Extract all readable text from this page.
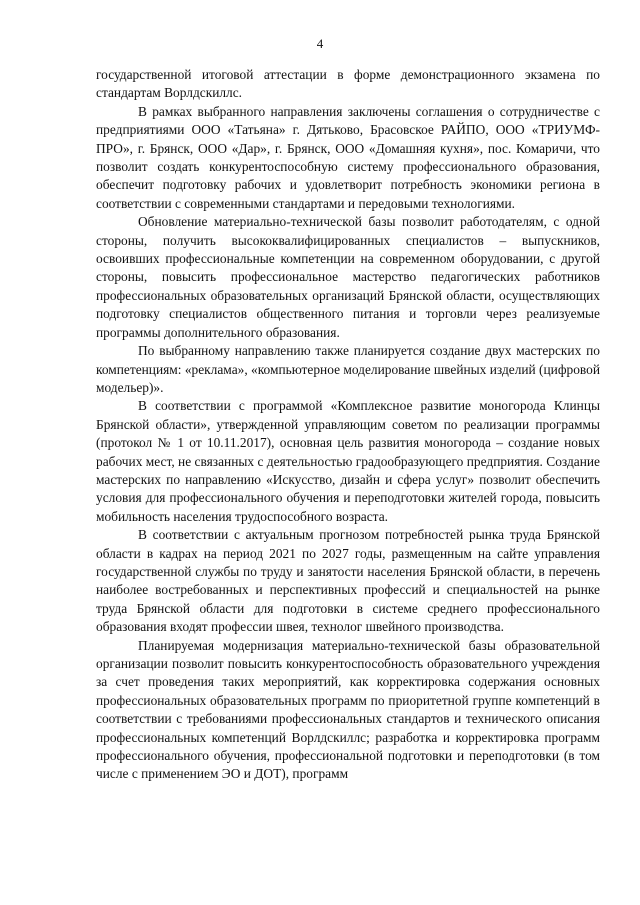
4

государственной итоговой аттестации в форме демонстрационного экзамена по стандартам Ворлдскиллс.

В рамках выбранного направления заключены соглашения о сотрудничестве с предприятиями ООО «Татьяна» г. Дятьково, Брасовское РАЙПО, ООО «ТРИУМФ-ПРО», г. Брянск, ООО «Дар», г. Брянск, ООО «Домашняя кухня», пос. Комаричи, что позволит создать конкурентоспособную систему профессионального образования, обеспечит подготовку рабочих и удовлетворит потребность экономики региона в соответствии с современными стандартами и передовыми технологиями.

Обновление материально-технической базы позволит работодателям, с одной стороны, получить высококвалифицированных специалистов – выпускников, освоивших профессиональные компетенции на современном оборудовании, с другой стороны, повысить профессиональное мастерство педагогических работников профессиональных образовательных организаций Брянской области, осуществляющих подготовку специалистов общественного питания и торговли через реализуемые программы дополнительного образования.

По выбранному направлению также планируется создание двух мастерских по компетенциям: «реклама», «компьютерное моделирование швейных изделий (цифровой модельер)».

В соответствии с программой «Комплексное развитие моногорода Клинцы Брянской области», утвержденной управляющим советом по реализации программы (протокол № 1 от 10.11.2017), основная цель развития моногорода – создание новых рабочих мест, не связанных с деятельностью градообразующего предприятия. Создание мастерских по направлению «Искусство, дизайн и сфера услуг» позволит обеспечить условия для профессионального обучения и переподготовки жителей города, повысить мобильность населения трудоспособного возраста.

В соответствии с актуальным прогнозом потребностей рынка труда Брянской области в кадрах на период 2021 по 2027 годы, размещенным на сайте управления государственной службы по труду и занятости населения Брянской области, в перечень наиболее востребованных и перспективных профессий и специальностей на рынке труда Брянской области для подготовки в системе среднего профессионального образования входят профессии швея, технолог швейного производства.

Планируемая модернизация материально-технической базы образовательной организации позволит повысить конкурентоспособность образовательного учреждения за счет проведения таких мероприятий, как корректировка содержания основных профессиональных образовательных программ по приоритетной группе компетенций в соответствии с требованиями профессиональных стандартов и технического описания профессиональных компетенций Ворлдскиллс; разработка и корректировка программ профессионального обучения, профессиональной подготовки и переподготовки (в том числе с применением ЭО и ДОТ), программ
